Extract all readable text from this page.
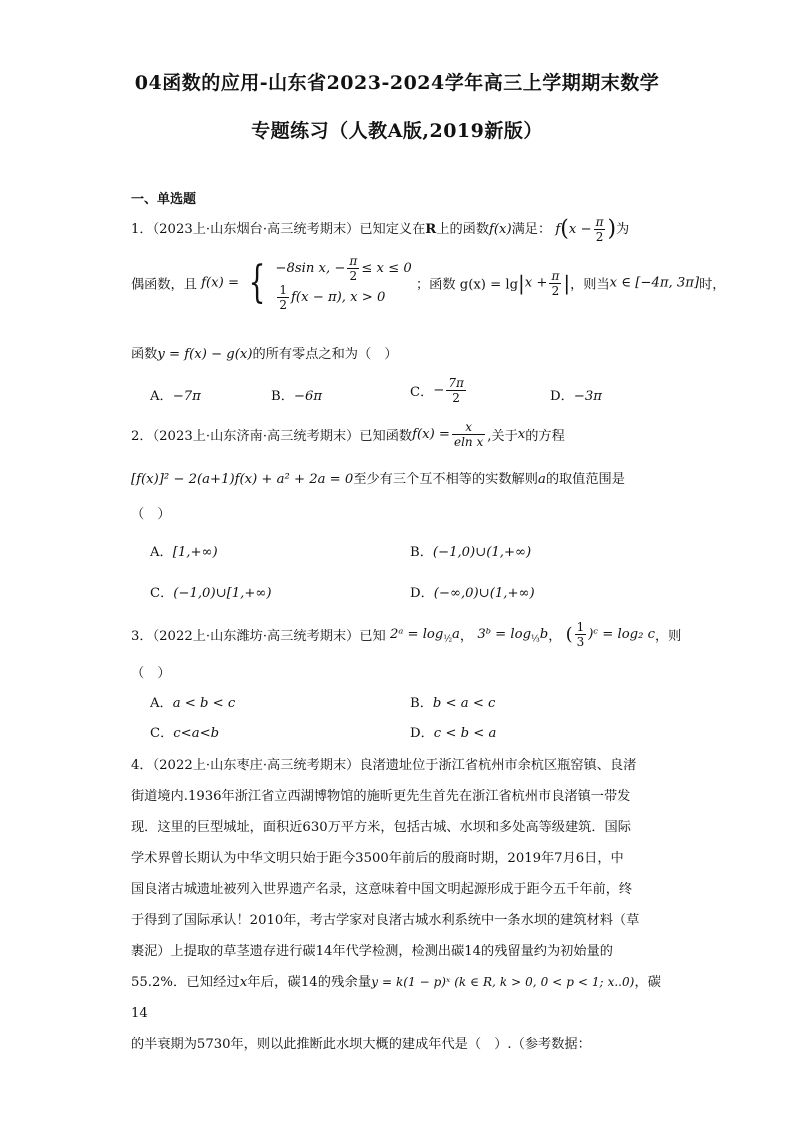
04函数的应用-山东省2023-2024学年高三上学期期末数学
专题练习（人教A版,2019新版）
一、单选题
1．（2023上·山东烟台·高三统考期末）已知定义在R上的函数f(x)满足： $f(x - \frac{\pi}{2}$ )为
偶函数，且 f(x) = { −8sin x, − $\frac{\pi}{2} \le x \le 0$
$\frac{1}{2} f(x - \pi)$, x > 0
；函数 $g(x) = \lg|x + \frac{\pi}{2}$ |，则当x ∈ [−4π, 3π]时，
函数y = f(x) − g(x)的所有零点之和为（　）
A．−7π	B．−6π	C．− $\frac{7\pi}{2}$	D．−3π
2．（2023上·山东济南·高三统考期末）已知函数$f(x) = \frac{x}{\text{eln x}}$ ,关于x的方程
[f(x)]² − 2(a+1)f(x) + a² + 2a = 0至少有三个互不相等的实数解则a的取值范围是
（　）
A．[1,+∞)	B．(−1,0)∪(1,+∞)
C．(−1,0)∪[1,+∞)	D．(−∞,0)∪(1,+∞)
3．（2022上·山东潍坊·高三统考期末）已知 2ᵃ = $\log_{\frac{1}{2}}a$， 3ᵇ = $\log_{\frac{1}{3}}b$， ( $\frac{1}{3}$ )ᶜ = log₂ c，则
（　）
A．a < b < c	B．b < a < c
C．c<a<b	D．c < b < a
4．（2022上·山东枣庄·高三统考期末）良渚遗址位于浙江省杭州市余杭区瓶窑镇、良渚
街道境内.1936年浙江省立西湖博物馆的施昕更先生首先在浙江省杭州市良渚镇一带发
现．这里的巨型城址，面积近630万平方米，包括古城、水坝和多处高等级建筑．国际
学术界曾长期认为中华文明只始于距今3500年前后的殷商时期，2019年7月6日，中
国良渚古城遗址被列入世界遗产名录，这意味着中国文明起源形成于距今五千年前，终
于得到了国际承认！2010年，考古学家对良渚古城水利系统中一条水坝的建筑材料（草
裹泥）上提取的草茎遗存进行碳14年代学检测，检测出碳14的残留量约为初始量的
55.2%．已知经过x年后，碳14的残余量y = k(1 − p)ˣ (k ∈ R, k > 0, 0 < p < 1; x..0)，碳14
的半衰期为5730年，则以此推断此水坝大概的建成年代是（　）.（参考数据：
